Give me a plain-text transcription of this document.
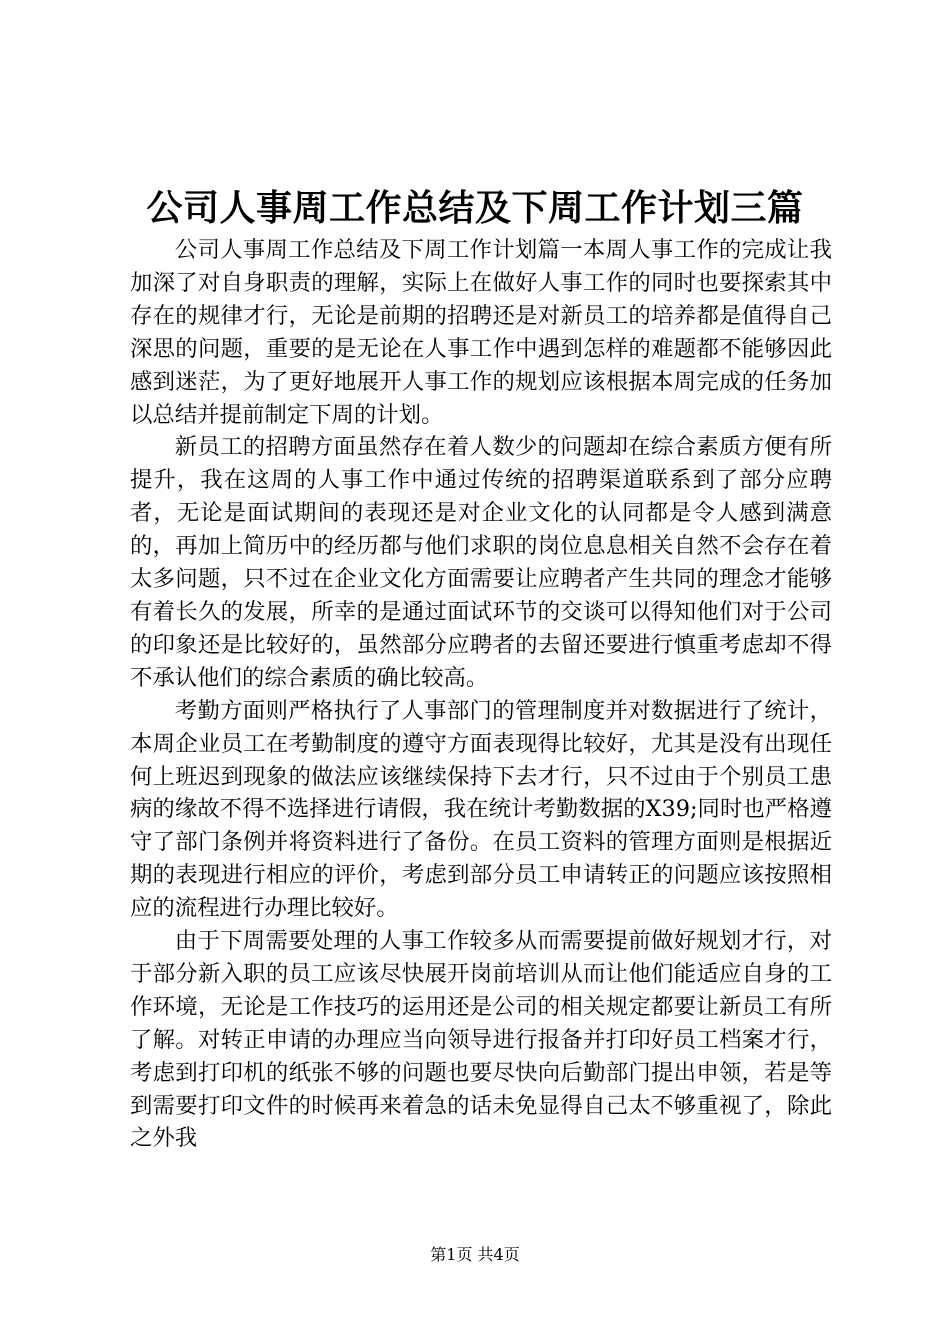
公司人事周工作总结及下周工作计划三篇

公司人事周工作总结及下周工作计划篇一本周人事工作的完成让我加深了对自身职责的理解，实际上在做好人事工作的同时也要探索其中存在的规律才行，无论是前期的招聘还是对新员工的培养都是值得自己深思的问题，重要的是无论在人事工作中遇到怎样的难题都不能够因此感到迷茫，为了更好地展开人事工作的规划应该根据本周完成的任务加以总结并提前制定下周的计划。

新员工的招聘方面虽然存在着人数少的问题却在综合素质方便有所提升，我在这周的人事工作中通过传统的招聘渠道联系到了部分应聘者，无论是面试期间的表现还是对企业文化的认同都是令人感到满意的，再加上简历中的经历都与他们求职的岗位息息相关自然不会存在着太多问题，只不过在企业文化方面需要让应聘者产生共同的理念才能够有着长久的发展，所幸的是通过面试环节的交谈可以得知他们对于公司的印象还是比较好的，虽然部分应聘者的去留还要进行慎重考虑却不得不承认他们的综合素质的确比较高。

考勤方面则严格执行了人事部门的管理制度并对数据进行了统计，本周企业员工在考勤制度的遵守方面表现得比较好，尤其是没有出现任何上班迟到现象的做法应该继续保持下去才行，只不过由于个别员工患病的缘故不得不选择进行请假，我在统计考勤数据的X39;同时也严格遵守了部门条例并将资料进行了备份。在员工资料的管理方面则是根据近期的表现进行相应的评价，考虑到部分员工申请转正的问题应该按照相应的流程进行办理比较好。

由于下周需要处理的人事工作较多从而需要提前做好规划才行，对于部分新入职的员工应该尽快展开岗前培训从而让他们能适应自身的工作环境，无论是工作技巧的运用还是公司的相关规定都要让新员工有所了解。对转正申请的办理应当向领导进行报备并打印好员工档案才行，考虑到打印机的纸张不够的问题也要尽快向后勤部门提出申领，若是等到需要打印文件的时候再来着急的话未免显得自己太不够重视了，除此之外我

第1页 共4页
